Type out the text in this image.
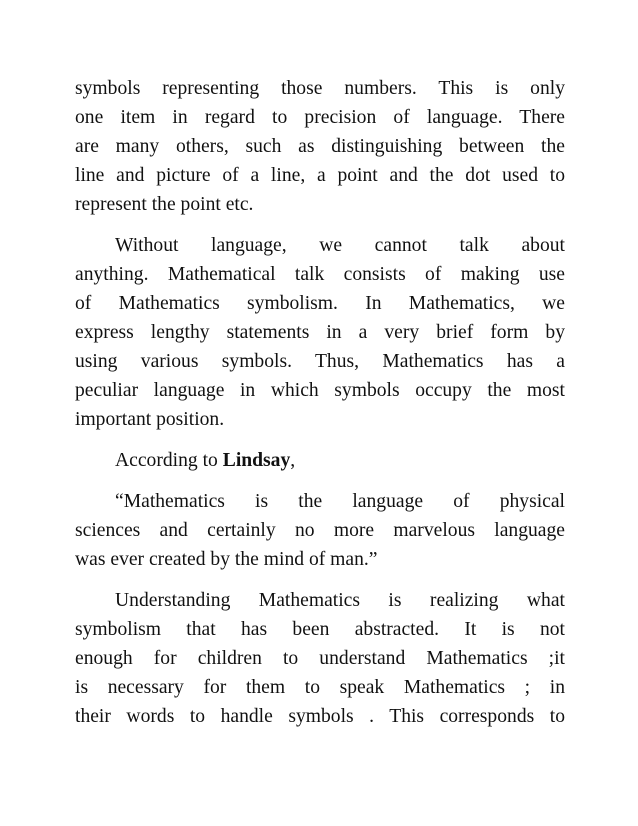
symbols representing those numbers. This is only
one item in regard to precision of language. There
are many others, such as distinguishing between the
line and picture of a line, a point and the dot used to
represent the point etc.

Without language, we cannot talk about
anything. Mathematical talk consists of making use
of Mathematics symbolism. In Mathematics, we
express lengthy statements in a very brief form by
using various symbols. Thus, Mathematics has a
peculiar language in which symbols occupy the most
important position.

According to Lindsay,

“Mathematics is the language of physical
sciences and certainly no more marvelous language
was ever created by the mind of man.”

Understanding Mathematics is realizing what
symbolism that has been abstracted. It is not
enough for children to understand Mathematics ;it
is necessary for them to speak Mathematics ; in
their words to handle symbols . This corresponds to
